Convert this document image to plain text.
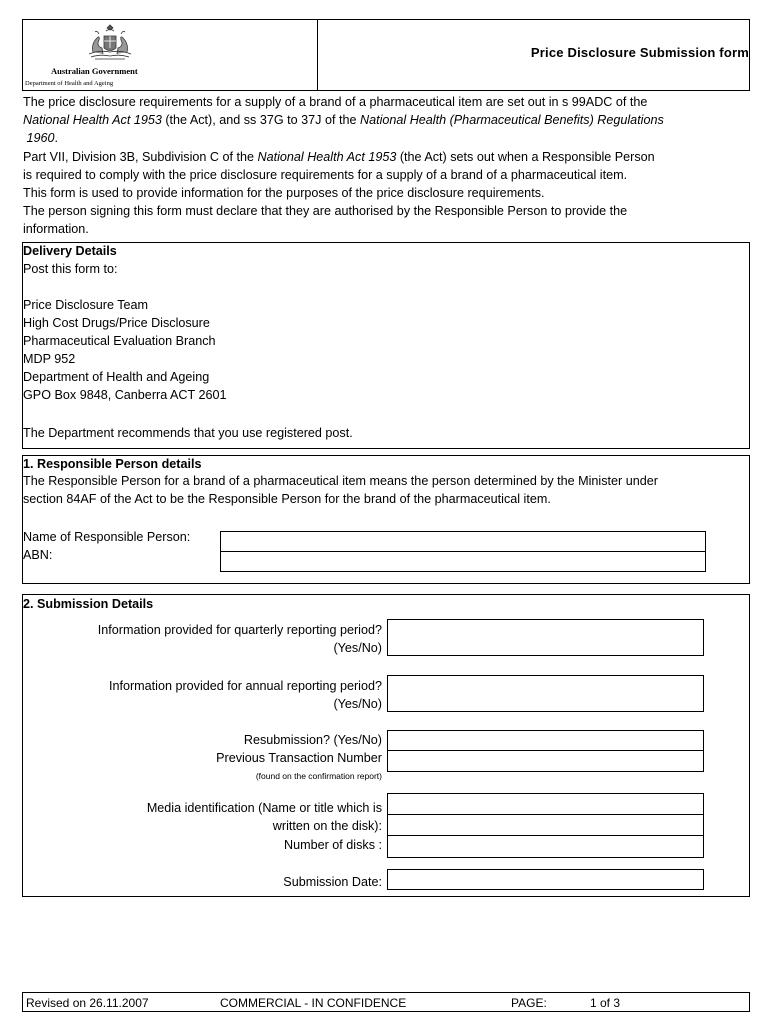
Australian Government
Department of Health and Ageing
Price Disclosure Submission form

The price disclosure requirements for a supply of a brand of a pharmaceutical item are set out in s 99ADC of the
National Health Act 1953 (the Act), and ss 37G to 37J of the National Health (Pharmaceutical Benefits) Regulations
1960.

Part VII, Division 3B, Subdivision C of the National Health Act 1953 (the Act) sets out when a Responsible Person
is required to comply with the price disclosure requirements for a supply of a brand of a pharmaceutical item.

This form is used to provide information for the purposes of the price disclosure requirements.

The person signing this form must declare that they are authorised by the Responsible Person to provide the
information.

Delivery Details
Post this form to:
Price Disclosure Team
High Cost Drugs/Price Disclosure
Pharmaceutical Evaluation Branch
MDP 952
Department of Health and Ageing
GPO Box 9848, Canberra ACT 2601
The Department recommends that you use registered post.
1. Responsible Person details
The Responsible Person for a brand of a pharmaceutical item means the person determined by the Minister under
section 84AF of the Act to be the Responsible Person for the brand of the pharmaceutical item.
Name of Responsible Person:
ABN:
2. Submission Details
Information provided for quarterly reporting period?
(Yes/No)
Information provided for annual reporting period?
(Yes/No)
Resubmission? (Yes/No)
Previous Transaction Number
(found on the confirmation report)
Media identification (Name or title which is
written on the disk):
Number of disks :
Submission Date:
Revised on 26.11.2007	COMMERCIAL - IN CONFIDENCE	PAGE:	1 of 3
